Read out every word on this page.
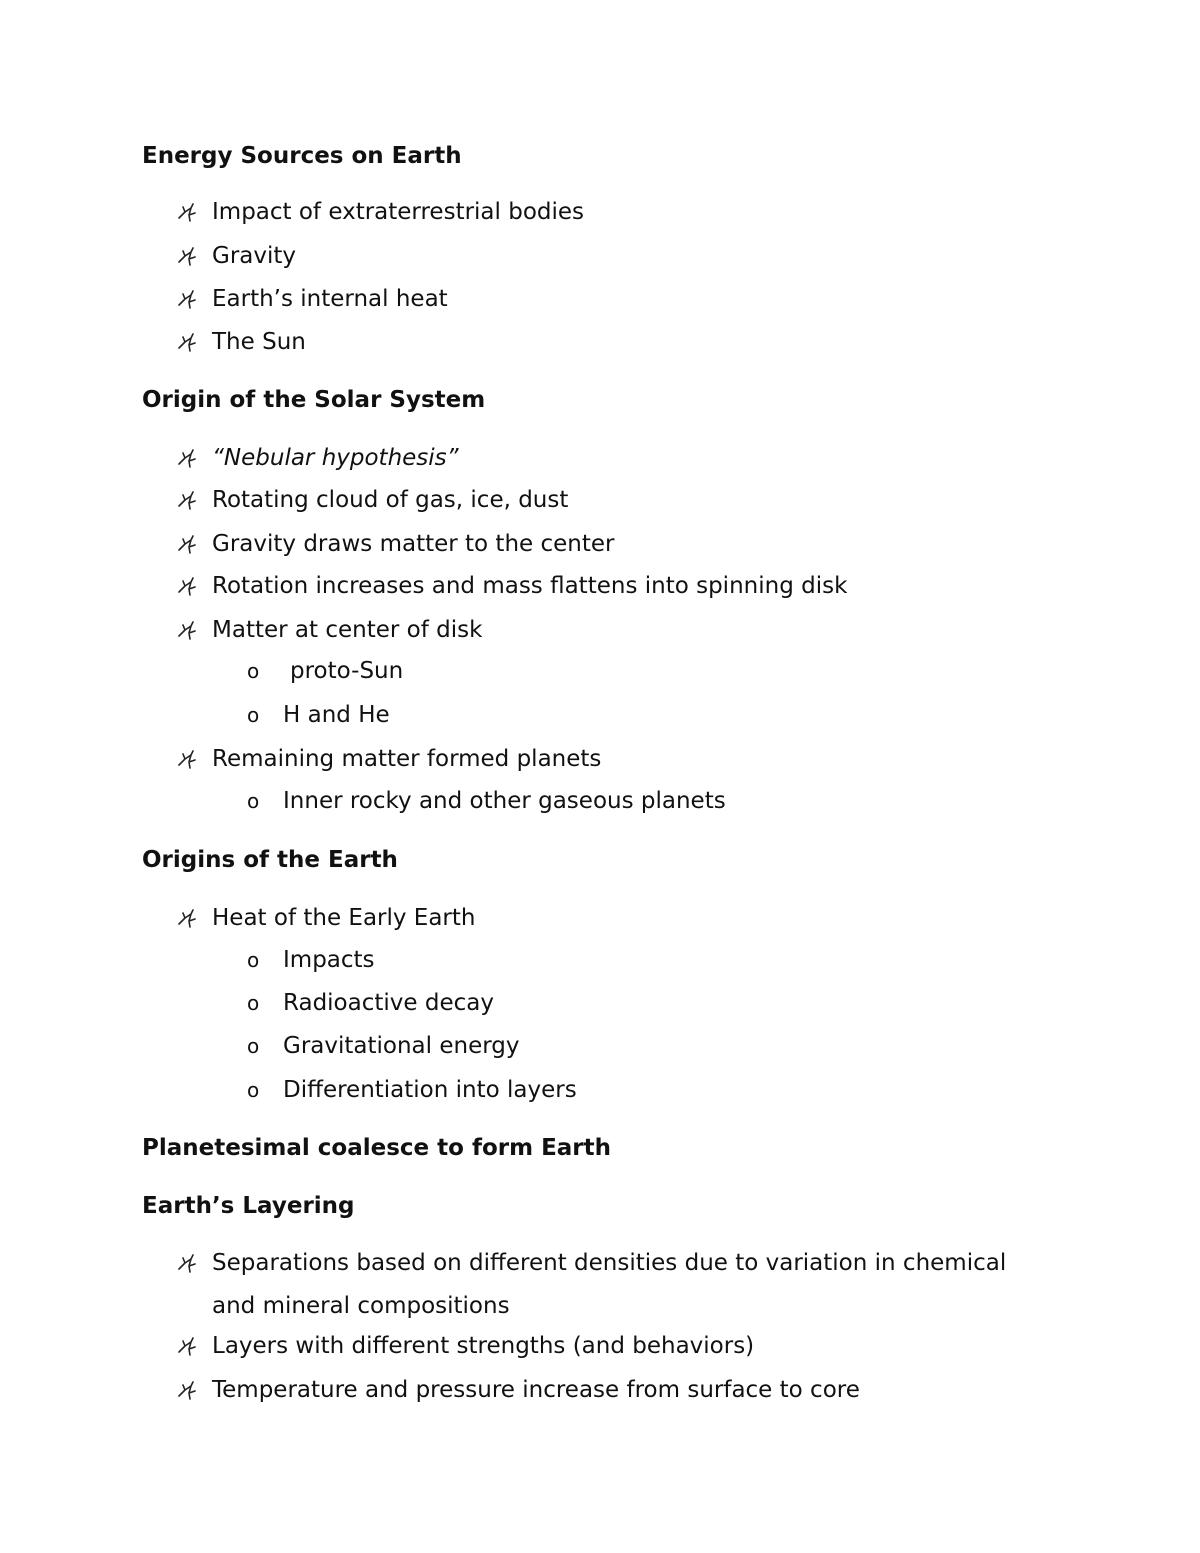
Energy Sources on Earth
Impact of extraterrestrial bodies
Gravity
Earth’s internal heat
The Sun
Origin of the Solar System
“Nebular hypothesis”
Rotating cloud of gas, ice, dust
Gravity draws matter to the center
Rotation increases and mass flattens into spinning disk
Matter at center of disk
o proto-Sun
o H and He
Remaining matter formed planets
o Inner rocky and other gaseous planets
Origins of the Earth
Heat of the Early Earth
o Impacts
o Radioactive decay
o Gravitational energy
o Differentiation into layers
Planetesimal coalesce to form Earth
Earth’s Layering
Separations based on different densities due to variation in chemical and mineral compositions
Layers with different strengths (and behaviors)
Temperature and pressure increase from surface to core
